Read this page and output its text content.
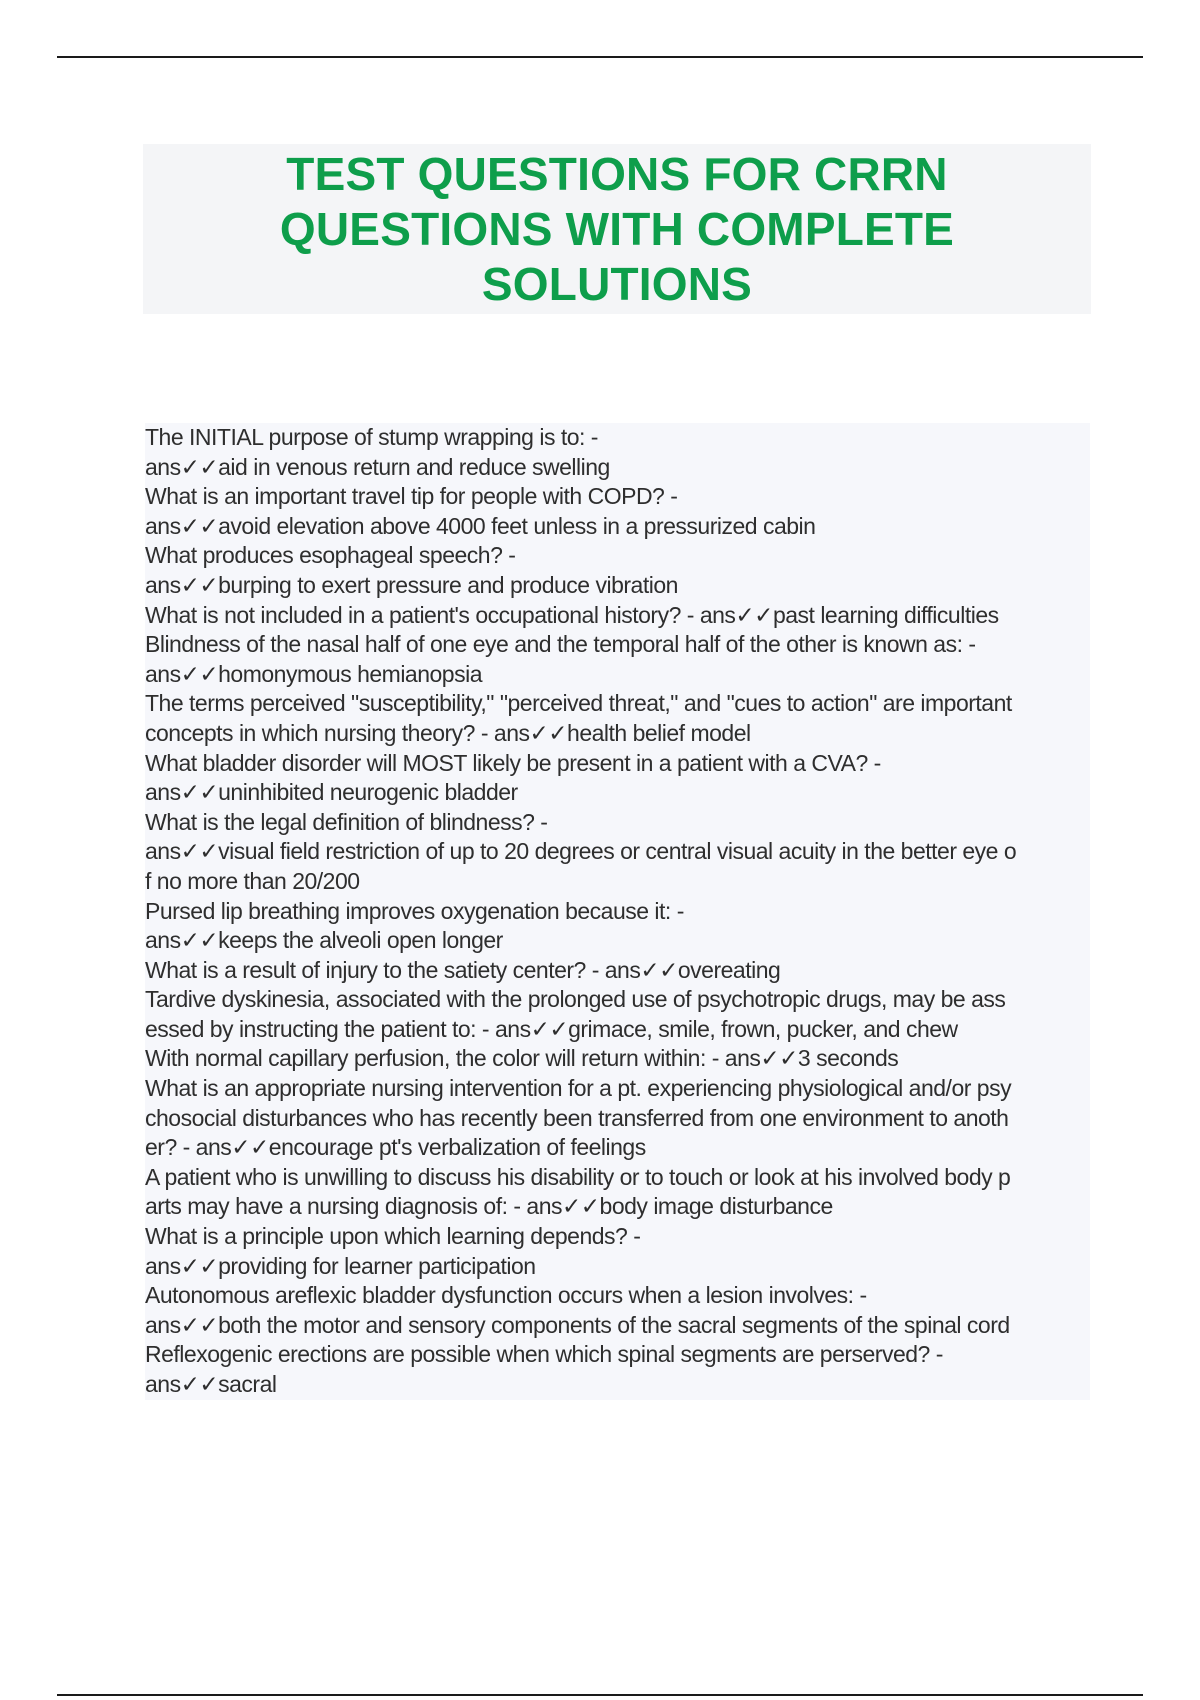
TEST QUESTIONS FOR CRRN QUESTIONS WITH COMPLETE SOLUTIONS

The INITIAL purpose of stump wrapping is to: -
ans✓✓aid in venous return and reduce swelling

What is an important travel tip for people with COPD? -
ans✓✓avoid elevation above 4000 feet unless in a pressurized cabin

What produces esophageal speech? -
ans✓✓burping to exert pressure and produce vibration

What is not included in a patient's occupational history? - ans✓✓past learning difficulties

Blindness of the nasal half of one eye and the temporal half of the other is known as: -
ans✓✓homonymous hemianopsia

The terms perceived "susceptibility," "perceived threat," and "cues to action" are important
concepts in which nursing theory? - ans✓✓health belief model

What bladder disorder will MOST likely be present in a patient with a CVA? -
ans✓✓uninhibited neurogenic bladder

What is the legal definition of blindness? -
ans✓✓visual field restriction of up to 20 degrees or central visual acuity in the better eye o
f no more than 20/200

Pursed lip breathing improves oxygenation because it: -
ans✓✓keeps the alveoli open longer

What is a result of injury to the satiety center? - ans✓✓overeating

Tardive dyskinesia, associated with the prolonged use of psychotropic drugs, may be ass
essed by instructing the patient to: - ans✓✓grimace, smile, frown, pucker, and chew

With normal capillary perfusion, the color will return within: - ans✓✓3 seconds

What is an appropriate nursing intervention for a pt. experiencing physiological and/or psy
chosocial disturbances who has recently been transferred from one environment to anoth
er? - ans✓✓encourage pt's verbalization of feelings

A patient who is unwilling to discuss his disability or to touch or look at his involved body p
arts may have a nursing diagnosis of: - ans✓✓body image disturbance

What is a principle upon which learning depends? -
ans✓✓providing for learner participation

Autonomous areflexic bladder dysfunction occurs when a lesion involves: -
ans✓✓both the motor and sensory components of the sacral segments of the spinal cord

Reflexogenic erections are possible when which spinal segments are perserved? -
ans✓✓sacral
